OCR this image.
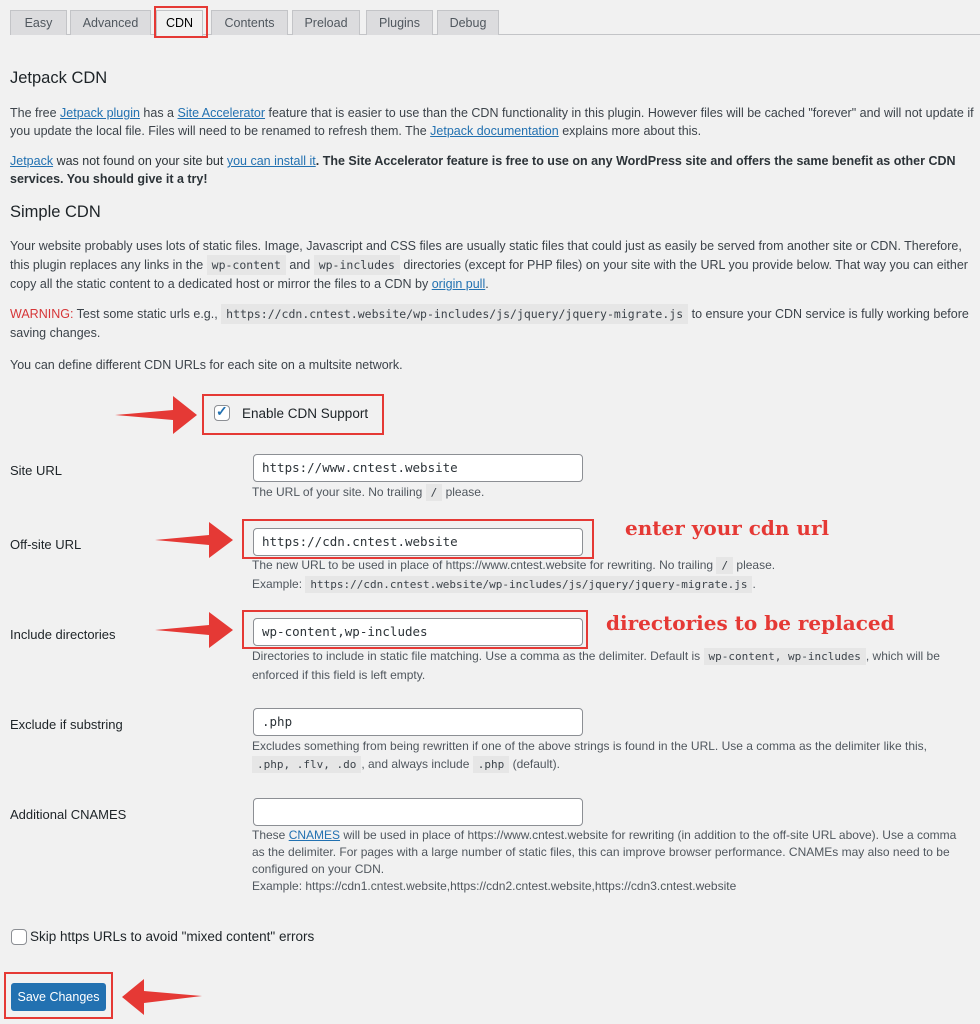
Easy	Advanced	CDN	Contents	Preload	Plugins	Debug
Jetpack CDN

The free Jetpack plugin has a Site Accelerator feature that is easier to use than the CDN functionality in this plugin. However files will be cached "forever" and will not update if you update the local file. Files will need to be renamed to refresh them. The Jetpack documentation explains more about this.

Jetpack was not found on your site but you can install it. The Site Accelerator feature is free to use on any WordPress site and offers the same benefit as other CDN services. You should give it a try!

Simple CDN

Your website probably uses lots of static files. Image, Javascript and CSS files are usually static files that could just as easily be served from another site or CDN. Therefore, this plugin replaces any links in the wp-content and wp-includes directories (except for PHP files) on your site with the URL you provide below. That way you can either copy all the static content to a dedicated host or mirror the files to a CDN by origin pull.

WARNING: Test some static urls e.g., https://cdn.cntest.website/wp-includes/js/jquery/jquery-migrate.js to ensure your CDN service is fully working before saving changes.

You can define different CDN URLs for each site on a multsite network.

✓ Enable CDN Support
Site URL	https://www.cntest.website

The URL of your site. No trailing / please.

Off-site URL	https://cdn.cntest.website
enter your cdn url

The new URL to be used in place of https://www.cntest.website for rewriting. No trailing / please.
Example: https://cdn.cntest.website/wp-includes/js/jquery/jquery-migrate.js .

Include directories	wp-content,wp-includes	directories to be replaced

Directories to include in static file matching. Use a comma as the delimiter. Default is wp-content, wp-includes , which will be enforced if this field is left empty.

Exclude if substring	.php

Excludes something from being rewritten if one of the above strings is found in the URL. Use a comma as the delimiter like this,
.php, .flv, .do , and always include .php (default).

Additional CNAMES

These CNAMES will be used in place of https://www.cntest.website for rewriting (in addition to the off-site URL above). Use a comma as the delimiter. For pages with a large number of static files, this can improve browser performance. CNAMEs may also need to be configured on your CDN.
Example: https://cdn1.cntest.website,https://cdn2.cntest.website,https://cdn3.cntest.website

Skip https URLs to avoid "mixed content" errors
Save Changes
